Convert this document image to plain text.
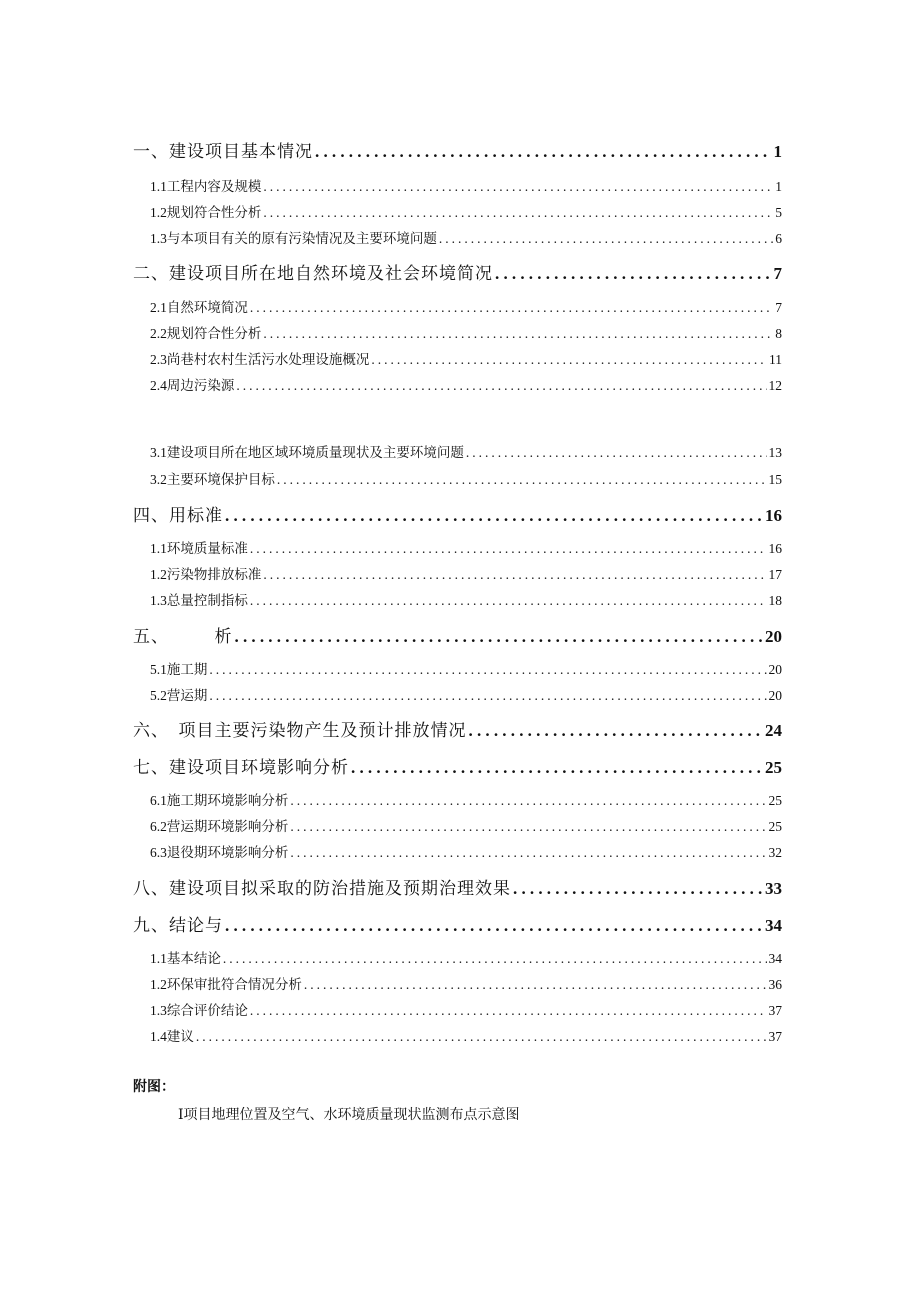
一、建设项目基本情况 .....	1
1.1 工程内容及规模 .....	1
1.2 规划符合性分析 .....	5
1.3 与本项目有关的原有污染情况及主要环境问题 .....	6
二、建设项目所在地自然环境及社会环境简况 .....	7
2.1 自然环境简况 .....	7
2.2 规划符合性分析 .....	8
2.3 尚巷村农村生活污水处理设施概况 .....	11
2.4 周边污染源 .....	12
3.1 建设项目所在地区域环境质量现状及主要环境问题 .....	13
3.2 主要环境保护目标 .....	15
四、用标准 .....	16
1.1 环境质量标准 .....	16
1.2 污染物排放标准 .....	17
1.3 总量控制指标 .....	18
五、　　　析 .....	20
5.1 施工期 .....	20
5.2 营运期 .....	20
六、　项目主要污染物产生及预计排放情况 .....	24
七、建设项目环境影响分析 .....	25
6.1 施工期环境影响分析 .....	25
6.2 营运期环境影响分析 .....	25
6.3 退役期环境影响分析 .....	32
八、建设项目拟采取的防治措施及预期治理效果 .....	33
九、结论与 .....	34
1.1 基本结论 .....	34
1.2 环保审批符合情况分析 .....	36
1.3 综合评价结论 .....	37
1.4 建议 .....	37
附图：
I项目地理位置及空气、水环境质量现状监测布点示意图
